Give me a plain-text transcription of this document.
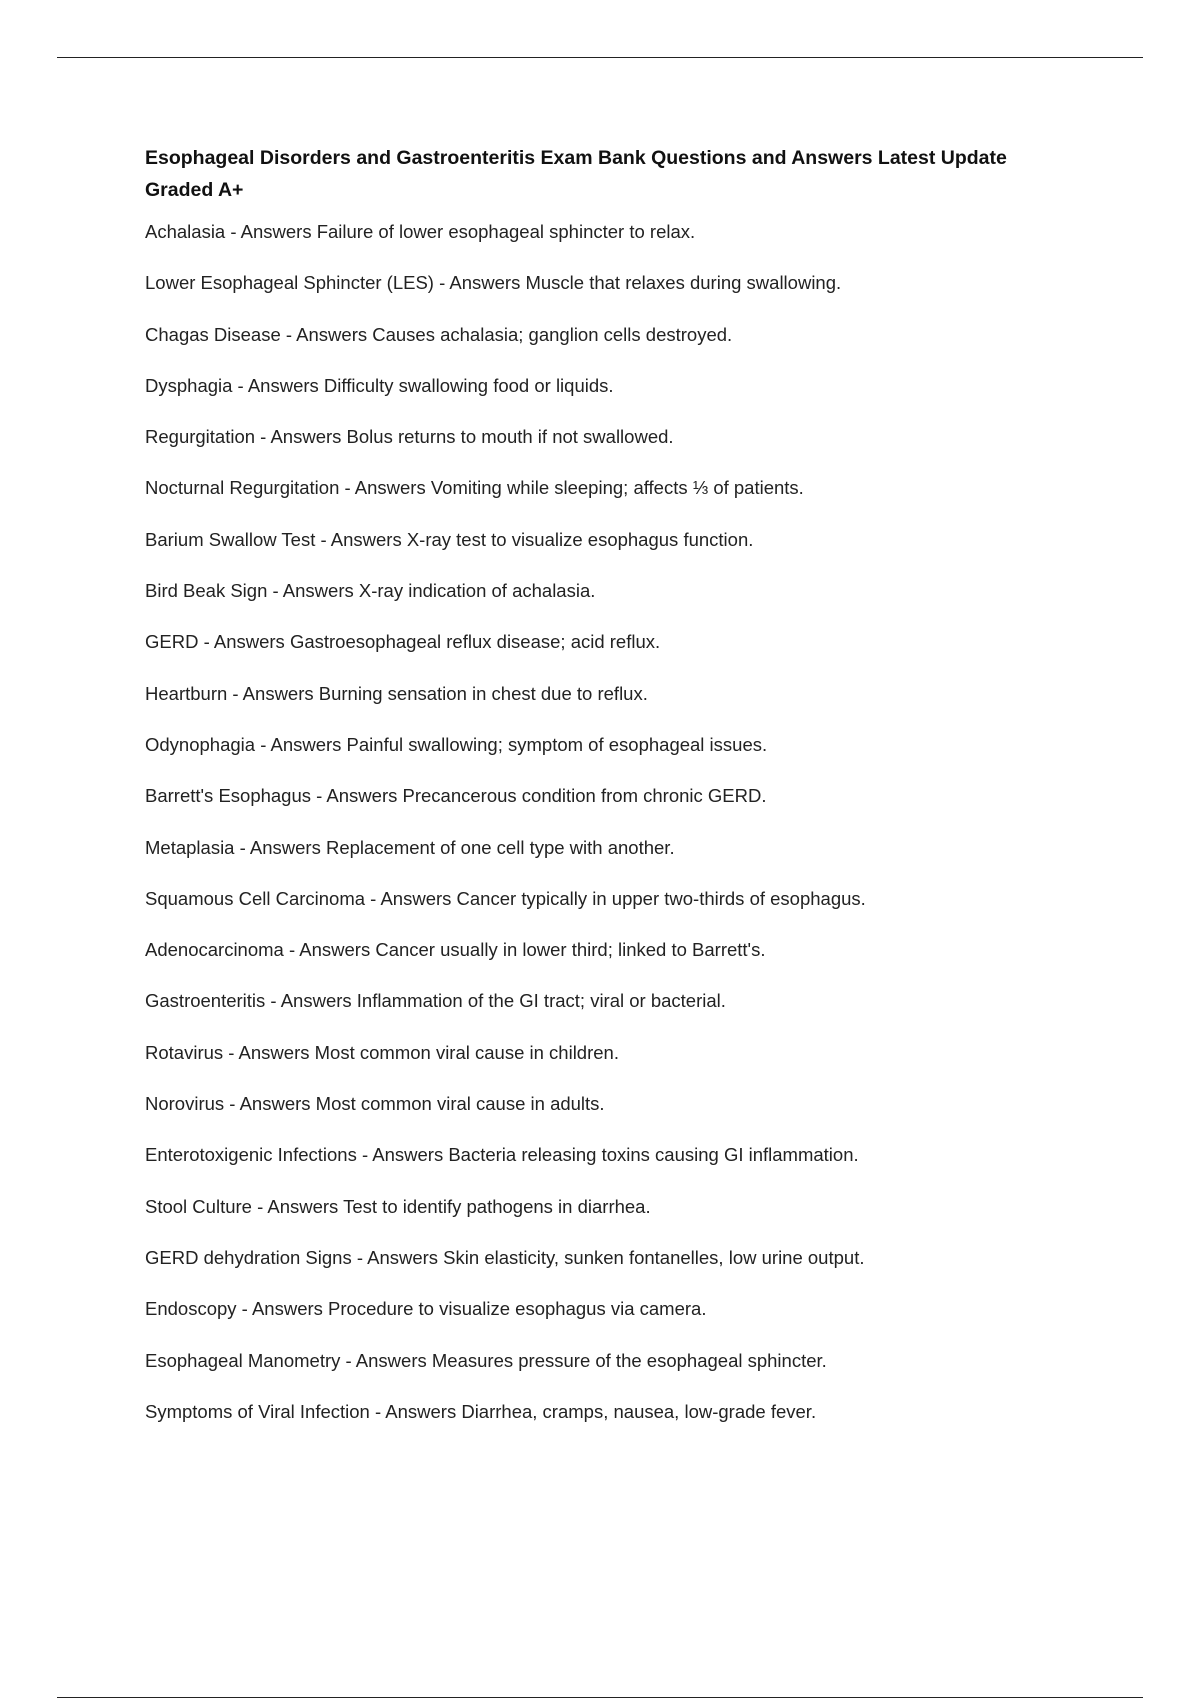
Esophageal Disorders and Gastroenteritis Exam Bank Questions and Answers Latest Update Graded A+
Achalasia - Answers Failure of lower esophageal sphincter to relax.
Lower Esophageal Sphincter (LES) - Answers Muscle that relaxes during swallowing.
Chagas Disease - Answers Causes achalasia; ganglion cells destroyed.
Dysphagia - Answers Difficulty swallowing food or liquids.
Regurgitation - Answers Bolus returns to mouth if not swallowed.
Nocturnal Regurgitation - Answers Vomiting while sleeping; affects ⅓ of patients.
Barium Swallow Test - Answers X-ray test to visualize esophagus function.
Bird Beak Sign - Answers X-ray indication of achalasia.
GERD - Answers Gastroesophageal reflux disease; acid reflux.
Heartburn - Answers Burning sensation in chest due to reflux.
Odynophagia - Answers Painful swallowing; symptom of esophageal issues.
Barrett's Esophagus - Answers Precancerous condition from chronic GERD.
Metaplasia - Answers Replacement of one cell type with another.
Squamous Cell Carcinoma - Answers Cancer typically in upper two-thirds of esophagus.
Adenocarcinoma - Answers Cancer usually in lower third; linked to Barrett's.
Gastroenteritis - Answers Inflammation of the GI tract; viral or bacterial.
Rotavirus - Answers Most common viral cause in children.
Norovirus - Answers Most common viral cause in adults.
Enterotoxigenic Infections - Answers Bacteria releasing toxins causing GI inflammation.
Stool Culture - Answers Test to identify pathogens in diarrhea.
GERD dehydration Signs - Answers Skin elasticity, sunken fontanelles, low urine output.
Endoscopy - Answers Procedure to visualize esophagus via camera.
Esophageal Manometry - Answers Measures pressure of the esophageal sphincter.
Symptoms of Viral Infection - Answers Diarrhea, cramps, nausea, low-grade fever.
